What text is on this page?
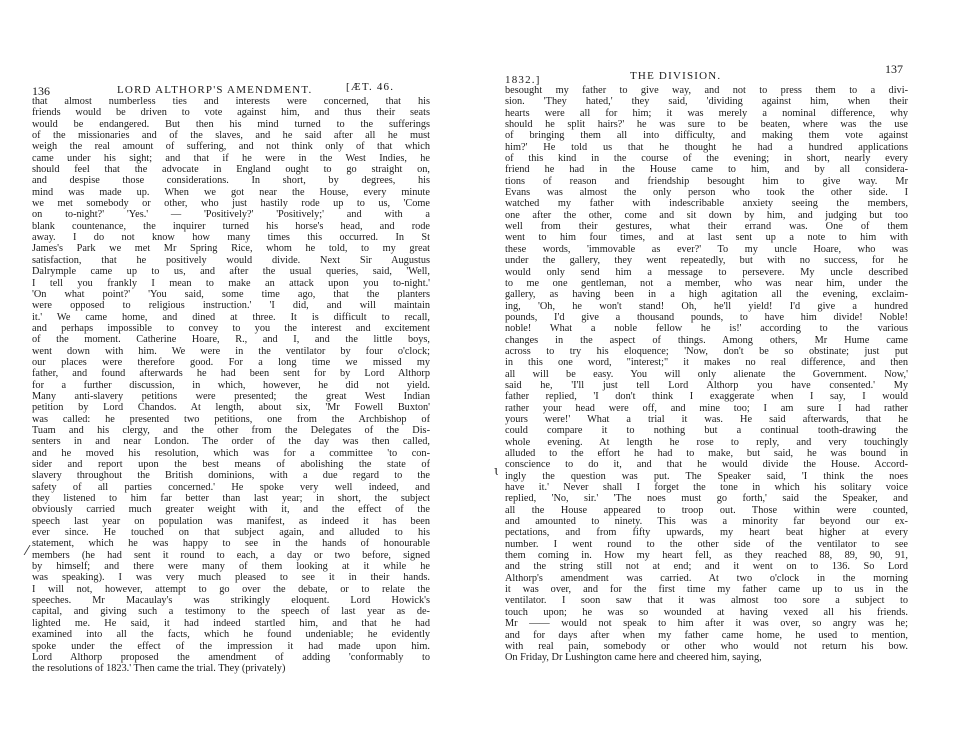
136	LORD ALTHORP'S AMENDMENT.	[ÆT. 46.
that almost numberless ties and interests were concerned, that his
friends would be driven to vote against him, and thus their seats
would be endangered. But then his mind turned to the sufferings
of the missionaries and of the slaves, and he said after all he must
weigh the real amount of suffering, and not think only of that which
came under his sight; and that if he were in the West Indies, he
should feel that the advocate in England ought to go straight on,
and despise those considerations. In short, by degrees, his
mind was made up. When we got near the House, every minute
we met somebody or other, who just hastily rode up to us, 'Come
on to-night?' 'Yes.' — 'Positively?' 'Positively;' and with a
blank countenance, the inquirer turned his horse's head, and rode
away. I do not know how many times this occurred. In St
James's Park we met Mr Spring Rice, whom he told, to my great
satisfaction, that he positively would divide. Next Sir Augustus
Dalrymple came up to us, and after the usual queries, said, 'Well,
I tell you frankly I mean to make an attack upon you to-night.'
'On what point?' 'You said, some time ago, that the planters
were opposed to religious instruction.' 'I did, and will maintain
it.' We came home, and dined at three. It is difficult to recall,
and perhaps impossible to convey to you the interest and excitement
of the moment. Catherine Hoare, R., and I, and the little boys,
went down with him. We were in the ventilator by four o'clock;
our places were therefore good. For a long time we missed my
father, and found afterwards he had been sent for by Lord Althorp
for a further discussion, in which, however, he did not yield.
Many anti-slavery petitions were presented; the great West Indian
petition by Lord Chandos. At length, about six, 'Mr Fowell Buxton'
was called: he presented two petitions, one from the Archbishop of
Tuam and his clergy, and the other from the Delegates of the Dis-
senters in and near London. The order of the day was then called,
and he moved his resolution, which was for a committee 'to con-
sider and report upon the best means of abolishing the state of
slavery throughout the British dominions, with a due regard to the
safety of all parties concerned.' He spoke very well indeed, and
they listened to him far better than last year; in short, the subject
obviously carried much greater weight with it, and the effect of the
speech last year on population was manifest, as indeed it has been
ever since. He touched on that subject again, and alluded to his
statement, which he was happy to see in the hands of honourable
members (he had sent it round to each, a day or two before, signed
by himself; and there were many of them looking at it while he
was speaking). I was very much pleased to see it in their hands.
I will not, however, attempt to go over the debate, or to relate the
speeches. Mr Macaulay's was strikingly eloquent. Lord Howick's
capital, and giving such a testimony to the speech of last year as de-
lighted me. He said, it had indeed startled him, and that he had
examined into all the facts, which he found undeniable; he evidently
spoke under the effect of the impression it had made upon him.
Lord Althorp proposed the amendment of adding 'conformably to
the resolutions of 1823.' Then came the trial. They (privately)
⁄
1832.]	THE DIVISION.	137
besought my father to give way, and not to press them to a divi-
sion. 'They hated,' they said, 'dividing against him, when their
hearts were all for him; it was merely a nominal difference, why
should he split hairs?' he was sure to be beaten, where was the use
of bringing them all into difficulty, and making them vote against
him?' He told us that he thought he had a hundred applications
of this kind in the course of the evening; in short, nearly every
friend he had in the House came to him, and by all considera-
tions of reason and friendship besought him to give way. Mr
Evans was almost the only person who took the other side. I
watched my father with indescribable anxiety seeing the members,
one after the other, come and sit down by him, and judging but too
well from their gestures, what their errand was. One of them
went to him four times, and at last sent up a note to him with
these words, 'immovable as ever?' To my uncle Hoare, who was
under the gallery, they went repeatedly, but with no success, for he
would only send him a message to persevere. My uncle described
to me one gentleman, not a member, who was near him, under the
gallery, as having been in a high agitation all the evening, exclaim-
ing, 'Oh, he won't stand! Oh, he'll yield! I'd give a hundred
pounds, I'd give a thousand pounds, to have him divide! Noble!
noble! What a noble fellow he is!' according to the various
changes in the aspect of things. Among others, Mr Hume came
across to try his eloquence; 'Now, don't be so obstinate; just put
in this one word, "interest;" it makes no real difference, and then
all will be easy. You will only alienate the Government. Now,'
said he, 'I'll just tell Lord Althorp you have consented.' My
father replied, 'I don't think I exaggerate when I say, I would
rather your head were off, and mine too; I am sure I had rather
yours were!' What a trial it was. He said afterwards, that he
could compare it to nothing but a continual tooth-drawing the
whole evening. At length he rose to reply, and very touchingly
alluded to the effort he had to make, but said, he was bound in
conscience to do it, and that he would divide the House. Accord-
ingly the question was put. The Speaker said, 'I think the noes
have it.' Never shall I forget the tone in which his solitary voice
replied, 'No, sir.' 'The noes must go forth,' said the Speaker, and
all the House appeared to troop out. Those within were counted,
and amounted to ninety. This was a minority far beyond our ex-
pectations, and from fifty upwards, my heart beat higher at every
number. I went round to the other side of the ventilator to see
them coming in. How my heart fell, as they reached 88, 89, 90, 91,
and the string still not at end; and it went on to 136. So Lord
Althorp's amendment was carried. At two o'clock in the morning
it was over, and for the first time my father came up to us in the
ventilator. I soon saw that it was almost too sore a subject to
touch upon; he was so wounded at having vexed all his friends.
Mr —— would not speak to him after it was over, so angry was he;
and for days after when my father came home, he used to mention,
with real pain, somebody or other who would not return his bow.
On Friday, Dr Lushington came here and cheered him, saying,
ɩ
